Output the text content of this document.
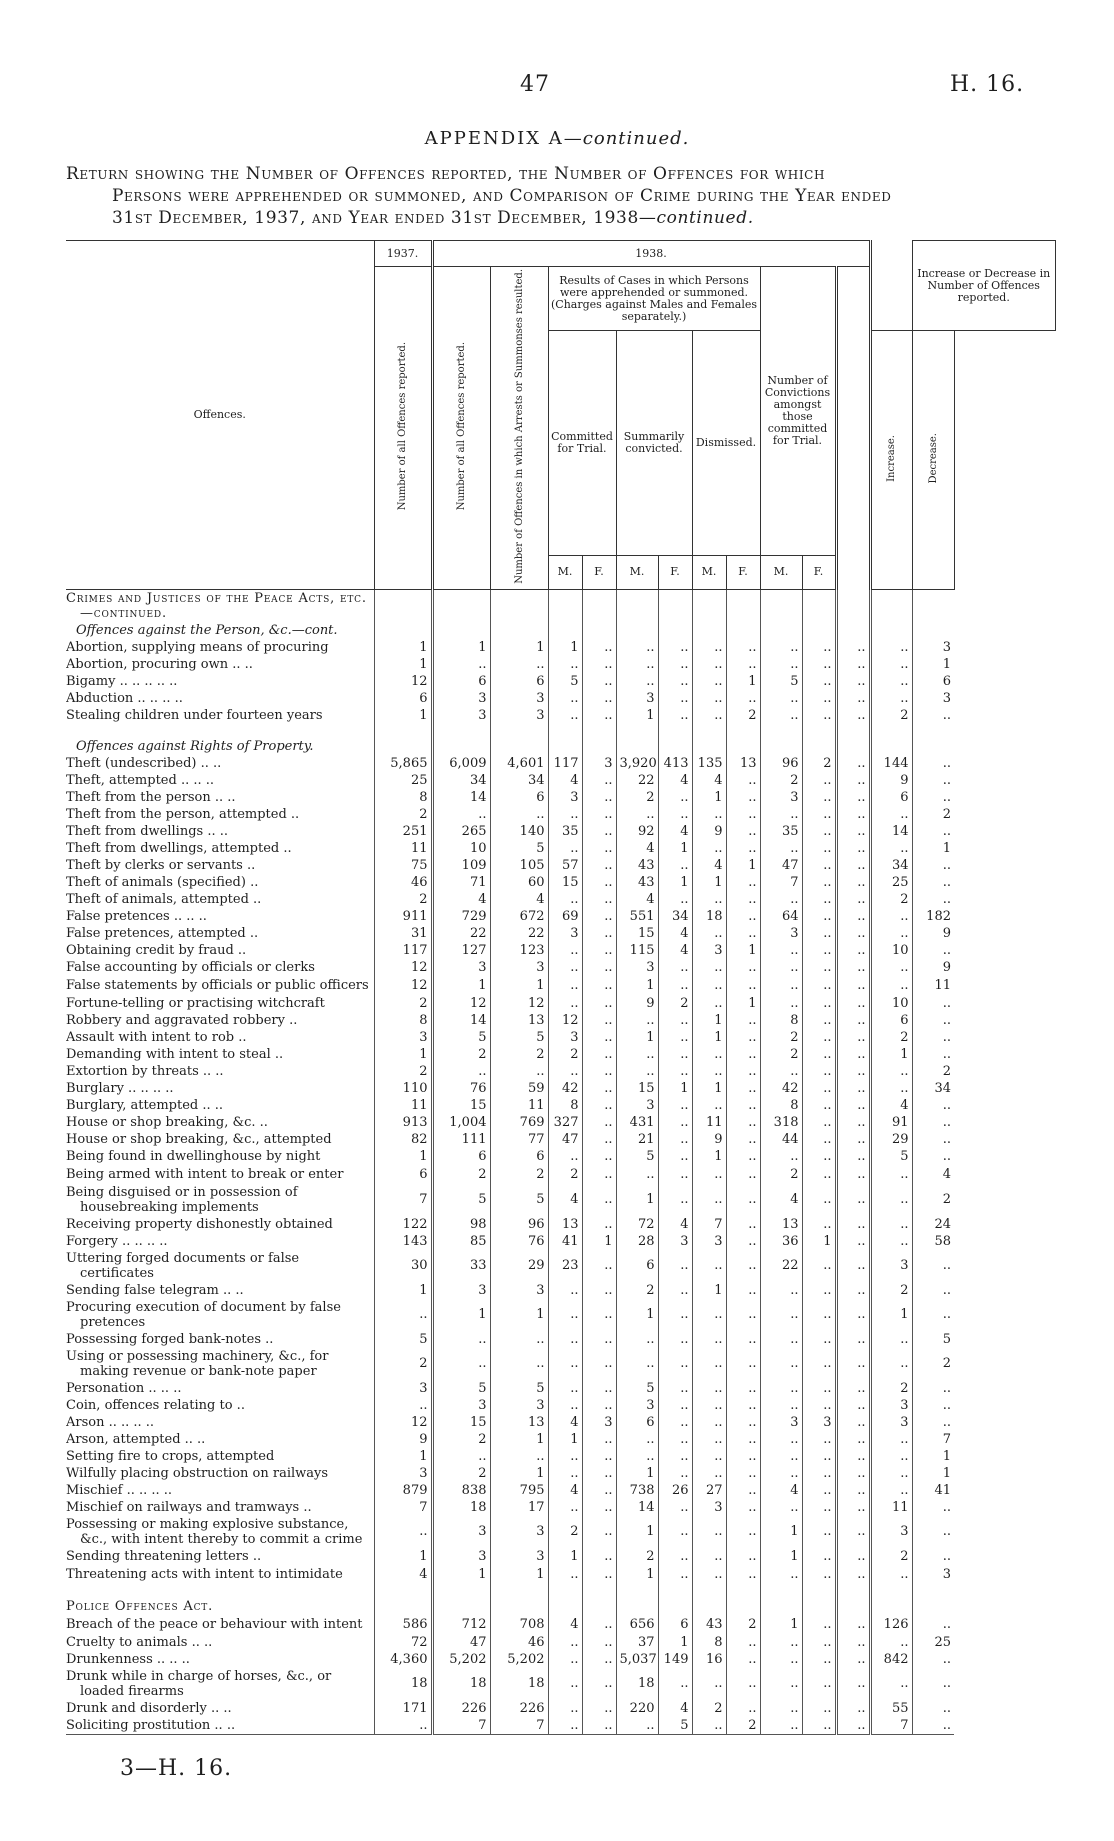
47	H. 16.
APPENDIX A—continued.

Return showing the Number of Offences reported, the Number of Offences for which

Persons were apprehended or summoned, and Comparison of Crime during the Year ended

31st December, 1937, and Year ended 31st December, 1938—continued.

Offences.	1937.	1938.												Increase or Decrease in Number of Offences reported.
	Number of all Offences reported.	Number of all Offences reported.	Number of Offences in which Arrests or Summonses resulted.	Results of Cases in which Persons were apprehended or summoned. (Charges against Males and Females separately.)						Number of Convictions amongst those committed for Trial.				
				Committed for Trial.		Summarily convicted.		Dismissed.					Increase.	Decrease.
				M.	F.	M.	F.	M.	F.	M.	F.			

Crimes and Justices of the Peace Acts, etc.—continued.														

Offences against the Person, &c.—cont.														
Abortion, supplying means of procuring	1	1	1	1	..	..	..	..	..	..	..	..	..	3
Abortion, procuring own .. ..	1	..	..	..	..	..	..	..	..	..	..	..	..	1
Bigamy .. .. .. .. ..	12	6	6	5	..	..	..	..	1	5	..	..	..	6
Abduction .. .. .. ..	6	3	3	..	..	3	..	..	..	..	..	..	..	3
Stealing children under fourteen years	1	3	3	..	..	1	..	..	2	..	..	..	2	..

Offences against Rights of Property.														
Theft (undescribed) .. ..	5,865	6,009	4,601	117	3	3,920	413	135	13	96	2	..	144	..
Theft, attempted .. .. ..	25	34	34	4	..	22	4	4	..	2	..	..	9	..
Theft from the person .. ..	8	14	6	3	..	2	..	1	..	3	..	..	6	..
Theft from the person, attempted ..	2	..	..	..	..	..	..	..	..	..	..	..	..	2
Theft from dwellings .. ..	251	265	140	35	..	92	4	9	..	35	..	..	14	..
Theft from dwellings, attempted ..	11	10	5	..	..	4	1	..	..	..	..	..	..	1
Theft by clerks or servants ..	75	109	105	57	..	43	..	4	1	47	..	..	34	..
Theft of animals (specified) ..	46	71	60	15	..	43	1	1	..	7	..	..	25	..
Theft of animals, attempted ..	2	4	4	..	..	4	..	..	..	..	..	..	2	..
False pretences .. .. ..	911	729	672	69	..	551	34	18	..	64	..	..	..	182
False pretences, attempted ..	31	22	22	3	..	15	4	..	..	3	..	..	..	9
Obtaining credit by fraud ..	117	127	123	..	..	115	4	3	1	..	..	..	10	..
False accounting by officials or clerks	12	3	3	..	..	3	..	..	..	..	..	..	..	9

False statements by officials or public officers	12	1	1	..	..	1	..	..	..	..	..	..	..	11
Fortune-telling or practising witchcraft	2	12	12	..	..	9	2	..	1	..	..	..	10	..
Robbery and aggravated robbery ..	8	14	13	12	..	..	..	1	..	8	..	..	6	..
Assault with intent to rob ..	3	5	5	3	..	1	..	1	..	2	..	..	2	..
Demanding with intent to steal ..	1	2	2	2	..	..	..	..	..	2	..	..	1	..
Extortion by threats .. ..	2	..	..	..	..	..	..	..	..	..	..	..	..	2
Burglary .. .. .. ..	110	76	59	42	..	15	1	1	..	42	..	..	..	34
Burglary, attempted .. ..	11	15	11	8	..	3	..	..	..	8	..	..	4	..
House or shop breaking, &c. ..	913	1,004	769	327	..	431	..	11	..	318	..	..	91	..
House or shop breaking, &c., attempted	82	111	77	47	..	21	..	9	..	44	..	..	29	..
Being found in dwellinghouse by night	1	6	6	..	..	5	..	1	..	..	..	..	5	..

Being armed with intent to break or enter	6	2	2	2	..	..	..	..	..	2	..	..	..	4

Being disguised or in possession of housebreaking implements	7	5	5	4	..	1	..	..	..	4	..	..	..	2
Receiving property dishonestly obtained	122	98	96	13	..	72	4	7	..	13	..	..	..	24
Forgery .. .. .. ..	143	85	76	41	1	28	3	3	..	36	1	..	..	58

Uttering forged documents or false certificates	30	33	29	23	..	6	..	..	..	22	..	..	3	..
Sending false telegram .. ..	1	3	3	..	..	2	..	1	..	..	..	..	2	..

Procuring execution of document by false pretences	..	1	1	..	..	1	..	..	..	..	..	..	1	..
Possessing forged bank-notes ..	5	..	..	..	..	..	..	..	..	..	..	..	..	5

Using or possessing machinery, &c., for making revenue or bank-note paper	2	..	..	..	..	..	..	..	..	..	..	..	..	2
Personation .. .. ..	3	5	5	..	..	5	..	..	..	..	..	..	2	..
Coin, offences relating to ..	..	3	3	..	..	3	..	..	..	..	..	..	3	..
Arson .. .. .. ..	12	15	13	4	3	6	..	..	..	3	3	..	3	..
Arson, attempted .. ..	9	2	1	1	..	..	..	..	..	..	..	..	..	7
Setting fire to crops, attempted	1	..	..	..	..	..	..	..	..	..	..	..	..	1
Wilfully placing obstruction on railways	3	2	1	..	..	1	..	..	..	..	..	..	..	1
Mischief .. .. .. ..	879	838	795	4	..	738	26	27	..	4	..	..	..	41
Mischief on railways and tramways ..	7	18	17	..	..	14	..	3	..	..	..	..	11	..

Possessing or making explosive substance, &c., with intent thereby to commit a crime	..	3	3	2	..	1	..	..	..	1	..	..	3	..
Sending threatening letters ..	1	3	3	1	..	2	..	..	..	1	..	..	2	..

Threatening acts with intent to intimidate	4	1	1	..	..	1	..	..	..	..	..	..	..	3

Police Offences Act.														

Breach of the peace or behaviour with intent	586	712	708	4	..	656	6	43	2	1	..	..	126	..
Cruelty to animals .. ..	72	47	46	..	..	37	1	8	..	..	..	..	..	25
Drunkenness .. .. ..	4,360	5,202	5,202	..	..	5,037	149	16	..	..	..	..	842	..

Drunk while in charge of horses, &c., or loaded firearms	18	18	18	..	..	18	..	..	..	..	..	..	..	..
Drunk and disorderly .. ..	171	226	226	..	..	220	4	2	..	..	..	..	55	..
Soliciting prostitution .. ..	..	7	7	..	..	..	5	..	2	..	..	..	7	..
3—H. 16.
